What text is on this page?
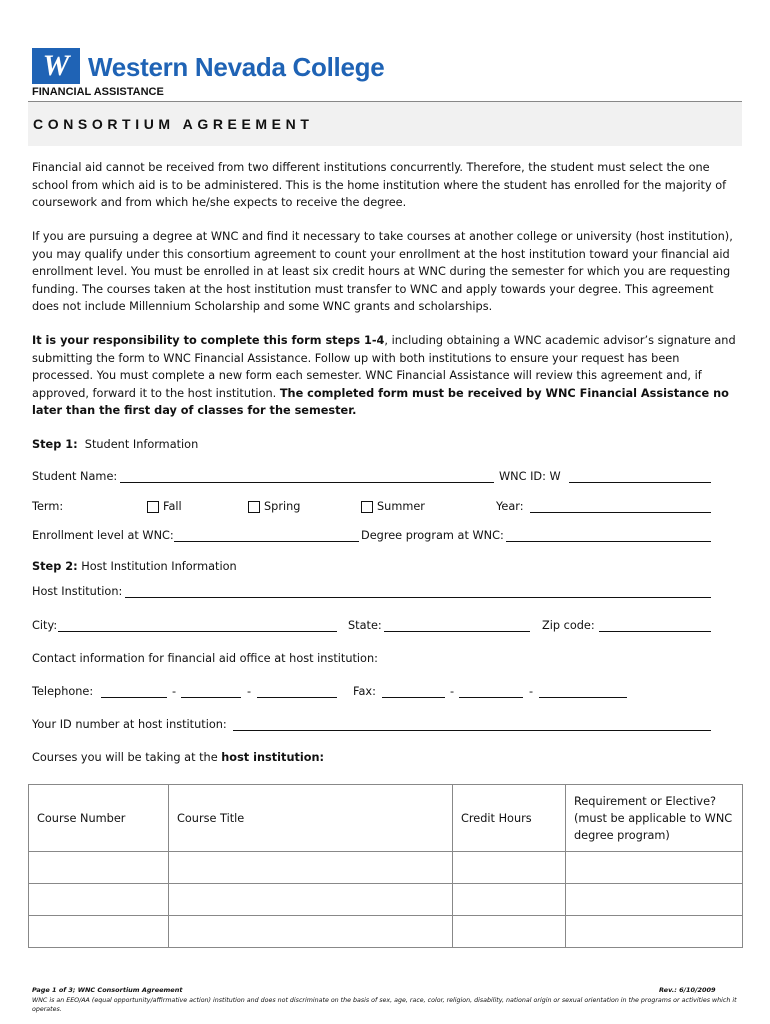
W Western Nevada College
FINANCIAL ASSISTANCE
CONSORTIUM AGREEMENT
Financial aid cannot be received from two different institutions concurrently. Therefore, the student must select the one school from which aid is to be administered. This is the home institution where the student has enrolled for the majority of coursework and from which he/she expects to receive the degree.
If you are pursuing a degree at WNC and find it necessary to take courses at another college or university (host institution), you may qualify under this consortium agreement to count your enrollment at the host institution toward your financial aid enrollment level. You must be enrolled in at least six credit hours at WNC during the semester for which you are requesting funding. The courses taken at the host institution must transfer to WNC and apply towards your degree. This agreement does not include Millennium Scholarship and some WNC grants and scholarships.
It is your responsibility to complete this form steps 1-4, including obtaining a WNC academic advisor’s signature and submitting the form to WNC Financial Assistance. Follow up with both institutions to ensure your request has been processed. You must complete a new form each semester. WNC Financial Assistance will review this agreement and, if approved, forward it to the host institution. The completed form must be received by WNC Financial Assistance no later than the first day of classes for the semester.
Step 1: Student Information
Student Name:	WNC ID: W
Term:	Fall	Spring	Summer	Year:
Enrollment level at WNC:	Degree program at WNC:
Step 2: Host Institution Information
Host Institution:
City:	State:	Zip code:
Contact information for financial aid office at host institution:
Telephone:	-	-	Fax:	-	-
Your ID number at host institution:
Courses you will be taking at the host institution:
Course Number	Course Title	Credit Hours	Requirement or Elective? (must be applicable to WNC degree program)

Page 1 of 3; WNC Consortium Agreement	Rev.: 6/10/2009
WNC is an EEO/AA (equal opportunity/affirmative action) institution and does not discriminate on the basis of sex, age, race, color, religion, disability, national origin or sexual orientation in the programs or activities which it operates.
